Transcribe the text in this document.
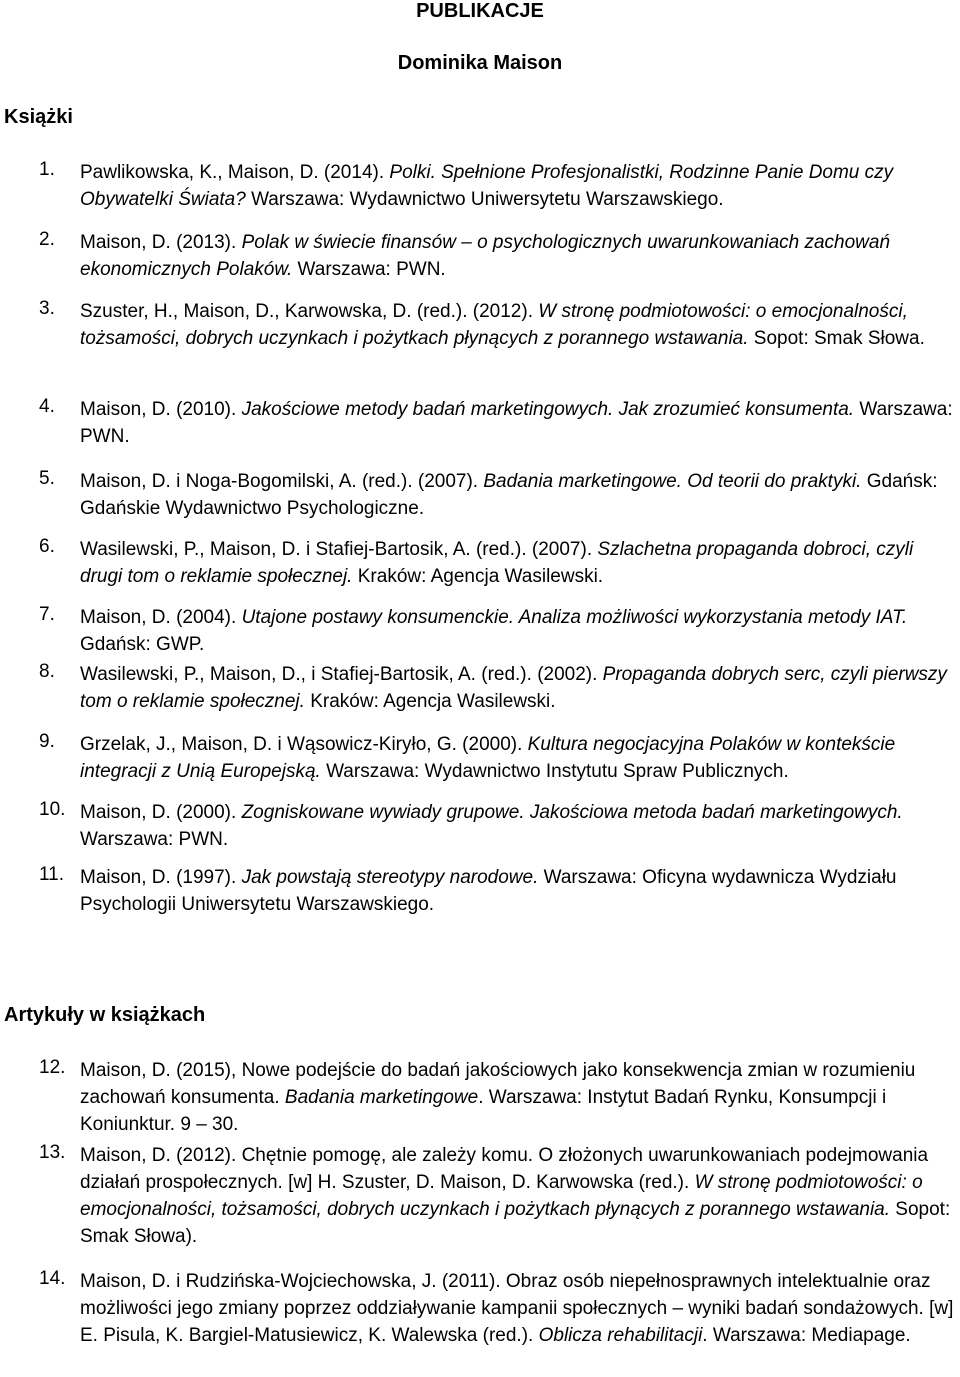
PUBLIKACJE
Dominika Maison
Książki
1. Pawlikowska, K., Maison, D. (2014). Polki. Spełnione Profesjonalistki, Rodzinne Panie Domu czy Obywatelki Świata? Warszawa: Wydawnictwo Uniwersytetu Warszawskiego.
2. Maison, D. (2013). Polak w świecie finansów – o psychologicznych uwarunkowaniach zachowań ekonomicznych Polaków. Warszawa: PWN.
3. Szuster, H., Maison, D., Karwowska, D. (red.). (2012). W stronę podmiotowości: o emocjonalności, tożsamości, dobrych uczynkach i pożytkach płynących z porannego wstawania. Sopot: Smak Słowa.
4. Maison, D. (2010). Jakościowe metody badań marketingowych. Jak zrozumieć konsumenta. Warszawa: PWN.
5. Maison, D. i Noga-Bogomilski, A. (red.). (2007). Badania marketingowe. Od teorii do praktyki. Gdańsk: Gdańskie Wydawnictwo Psychologiczne.
6. Wasilewski, P., Maison, D. i Stafiej-Bartosik, A. (red.). (2007). Szlachetna propaganda dobroci, czyli drugi tom o reklamie społecznej. Kraków: Agencja Wasilewski.
7. Maison, D. (2004). Utajone postawy konsumenckie. Analiza możliwości wykorzystania metody IAT. Gdańsk: GWP.
8. Wasilewski, P., Maison, D., i Stafiej-Bartosik, A. (red.). (2002). Propaganda dobrych serc, czyli pierwszy tom o reklamie społecznej. Kraków: Agencja Wasilewski.
9. Grzelak, J., Maison, D. i Wąsowicz-Kiryło, G. (2000). Kultura negocjacyjna Polaków w kontekście integracji z Unią Europejską. Warszawa: Wydawnictwo Instytutu Spraw Publicznych.
10. Maison, D. (2000). Zogniskowane wywiady grupowe. Jakościowa metoda badań marketingowych. Warszawa: PWN.
11. Maison, D. (1997). Jak powstają stereotypy narodowe. Warszawa: Oficyna wydawnicza Wydziału Psychologii Uniwersytetu Warszawskiego.
Artykuły w książkach
12. Maison, D. (2015), Nowe podejście do badań jakościowych jako konsekwencja zmian w rozumieniu zachowań konsumenta. Badania marketingowe. Warszawa: Instytut Badań Rynku, Konsumpcji i Koniunktur. 9 – 30.
13. Maison, D. (2012). Chętnie pomogę, ale zależy komu. O złożonych uwarunkowaniach podejmowania działań prospołecznych. [w] H. Szuster, D. Maison, D. Karwowska (red.). W stronę podmiotowości: o emocjonalności, tożsamości, dobrych uczynkach i pożytkach płynących z porannego wstawania. Sopot: Smak Słowa).
14. Maison, D. i Rudzińska-Wojciechowska, J. (2011). Obraz osób niepełnosprawnych intelektualnie oraz możliwości jego zmiany poprzez oddziaływanie kampanii społecznych – wyniki badań sondażowych. [w] E. Pisula, K. Bargiel-Matusiewicz, K. Walewska (red.). Oblicza rehabilitacji. Warszawa: Mediapage.
